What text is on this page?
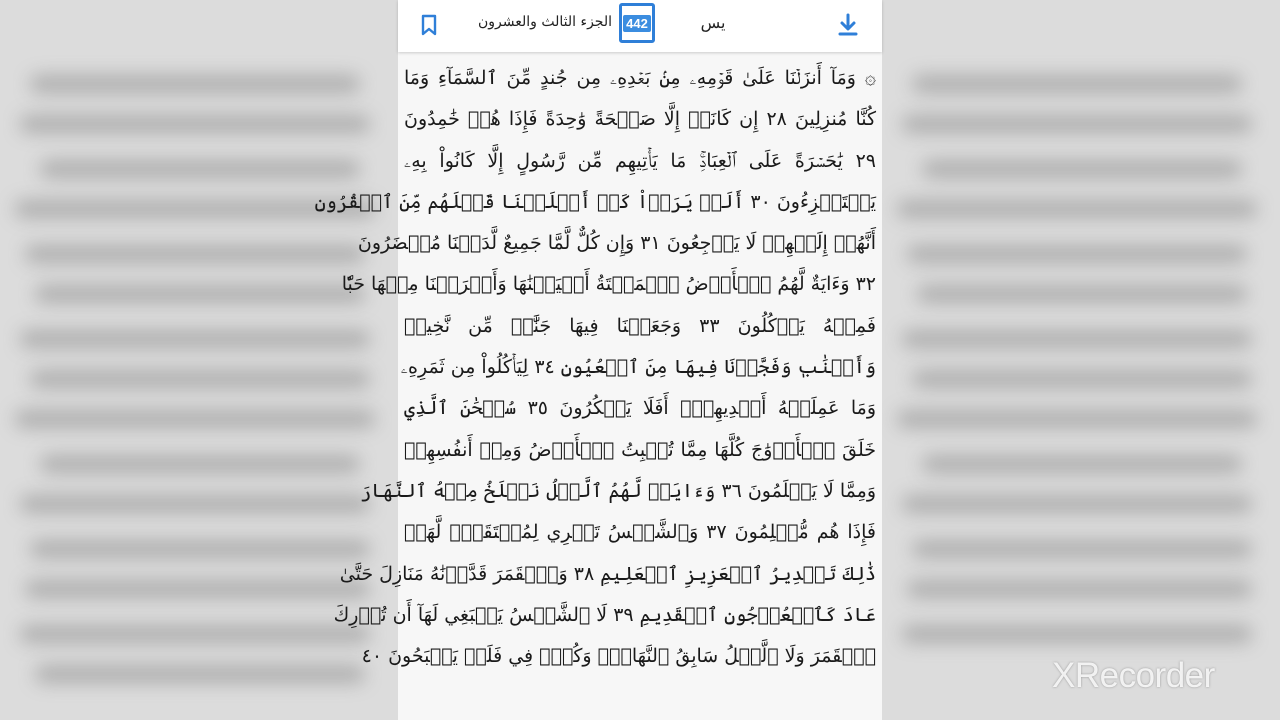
الجزء الثالث والعشرون 442	يس
۞ وَمَآ أَنزَلۡنَا عَلَىٰ قَوۡمِهِۦ مِنۢ بَعۡدِهِۦ مِن جُندٍ مِّنَ ٱلسَّمَآءِ وَمَا
كُنَّا مُنزِلِينَ ٢٨ إِن كَانَتۡ إِلَّا صَيۡحَةً وَٰحِدَةً فَإِذَا هُمۡ خَٰمِدُونَ
٢٩ يَٰحَسۡرَةً عَلَى ٱلۡعِبَادِۚ مَا يَأۡتِيهِم مِّن رَّسُولٍ إِلَّا كَانُواْ بِهِۦ
يَسۡتَهۡزِءُونَ ٣٠ أَلَمۡ يَرَوۡاْ كَمۡ أَهۡلَكۡنَا قَبۡلَهُم مِّنَ ٱلۡقُرُونِ
أَنَّهُمۡ إِلَيۡهِمۡ لَا يَرۡجِعُونَ ٣١ وَإِن كُلٌّ لَّمَّا جَمِيعٌ لَّدَيۡنَا مُحۡضَرُونَ
٣٢ وَءَايَةٌ لَّهُمُ ٱلۡأَرۡضُ ٱلۡمَيۡتَةُ أَحۡيَيۡنَٰهَا وَأَخۡرَجۡنَا مِنۡهَا حَبّٗا
فَمِنۡهُ يَأۡكُلُونَ ٣٣ وَجَعَلۡنَا فِيهَا جَنَّٰتٖ مِّن نَّخِيلٖ
وَأَعۡنَٰبٖ وَفَجَّرۡنَا فِيهَا مِنَ ٱلۡعُيُونِ ٣٤ لِيَأۡكُلُواْ مِن ثَمَرِهِۦ
وَمَا عَمِلَتۡهُ أَيۡدِيهِمۡۚ أَفَلَا يَشۡكُرُونَ ٣٥ سُبۡحَٰنَ ٱلَّذِي
خَلَقَ ٱلۡأَزۡوَٰجَ كُلَّهَا مِمَّا تُنۢبِتُ ٱلۡأَرۡضُ وَمِنۡ أَنفُسِهِمۡ
وَمِمَّا لَا يَعۡلَمُونَ ٣٦ وَءَايَةٞ لَّهُمُ ٱلَّيۡلُ نَسۡلَخُ مِنۡهُ ٱلنَّهَارَ
فَإِذَا هُم مُّظۡلِمُونَ ٣٧ وَٱلشَّمۡسُ تَجۡرِي لِمُسۡتَقَرّٖ لَّهَاۚ
ذَٰلِكَ تَقۡدِيرُ ٱلۡعَزِيزِ ٱلۡعَلِيمِ ٣٨ وَٱلۡقَمَرَ قَدَّرۡنَٰهُ مَنَازِلَ حَتَّىٰ
عَادَ كَٱلۡعُرۡجُونِ ٱلۡقَدِيمِ ٣٩ لَا ٱلشَّمۡسُ يَنۢبَغِي لَهَآ أَن تُدۡرِكَ
ٱلۡقَمَرَ وَلَا ٱلَّيۡلُ سَابِقُ ٱلنَّهَارِۚ وَكُلّٞ فِي فَلَكٖ يَسۡبَحُونَ ٤٠	XRecorder
